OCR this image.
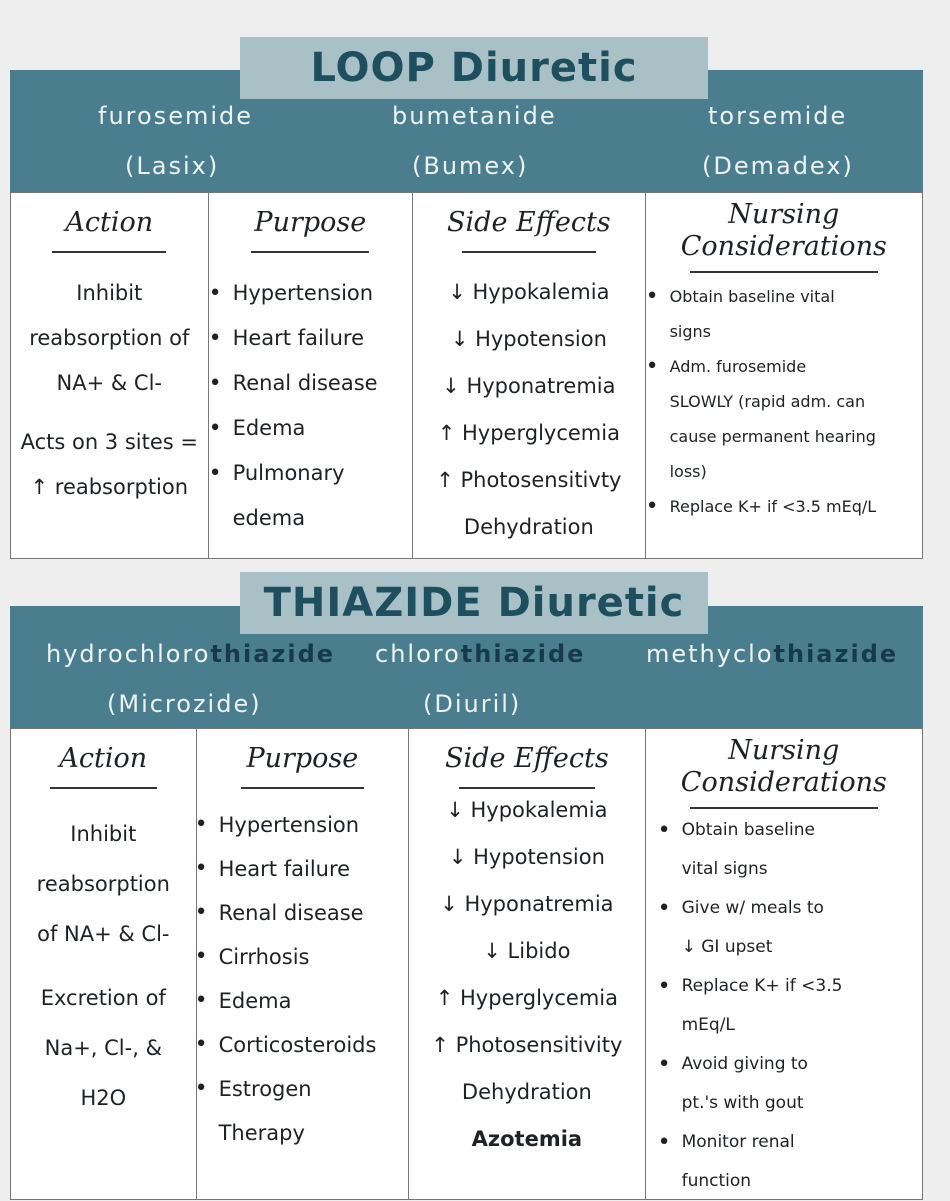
LOOP Diuretic
furosemide
(Lasix)
bumetanide
(Bumex)
torsemide
(Demadex)
Action
Inhibit
reabsorption of
NA+ & Cl-
Acts on 3 sites =
↑ reabsorption
Purpose
• Hypertension
• Heart failure
• Renal disease
• Edema
• Pulmonary
edema
Side Effects
↓ Hypokalemia
↓ Hypotension
↓ Hyponatremia
↑ Hyperglycemia
↑ Photosensitivty
Dehydration
Nursing
Considerations
• Obtain baseline vital
signs
• Adm. furosemide
SLOWLY (rapid adm. can
cause permanent hearing
loss)
• Replace K+ if <3.5 mEq/L
THIAZIDE Diuretic
hydrochlorothiazide
(Microzide)
chlorothiazide
(Diuril)
methyclothiazide
Action
Inhibit
reabsorption
of NA+ & Cl-
Excretion of
Na+, Cl-, &
H2O
Purpose
• Hypertension
• Heart failure
• Renal disease
• Cirrhosis
• Edema
• Corticosteroids
• Estrogen
Therapy
Side Effects
↓ Hypokalemia
↓ Hypotension
↓ Hyponatremia
↓ Libido
↑ Hyperglycemia
↑ Photosensitivity
Dehydration
Azotemia
Nursing
Considerations
• Obtain baseline
vital signs
• Give w/ meals to
↓ GI upset
• Replace K+ if <3.5
mEq/L
• Avoid giving to
pt.'s with gout
• Monitor renal
function
